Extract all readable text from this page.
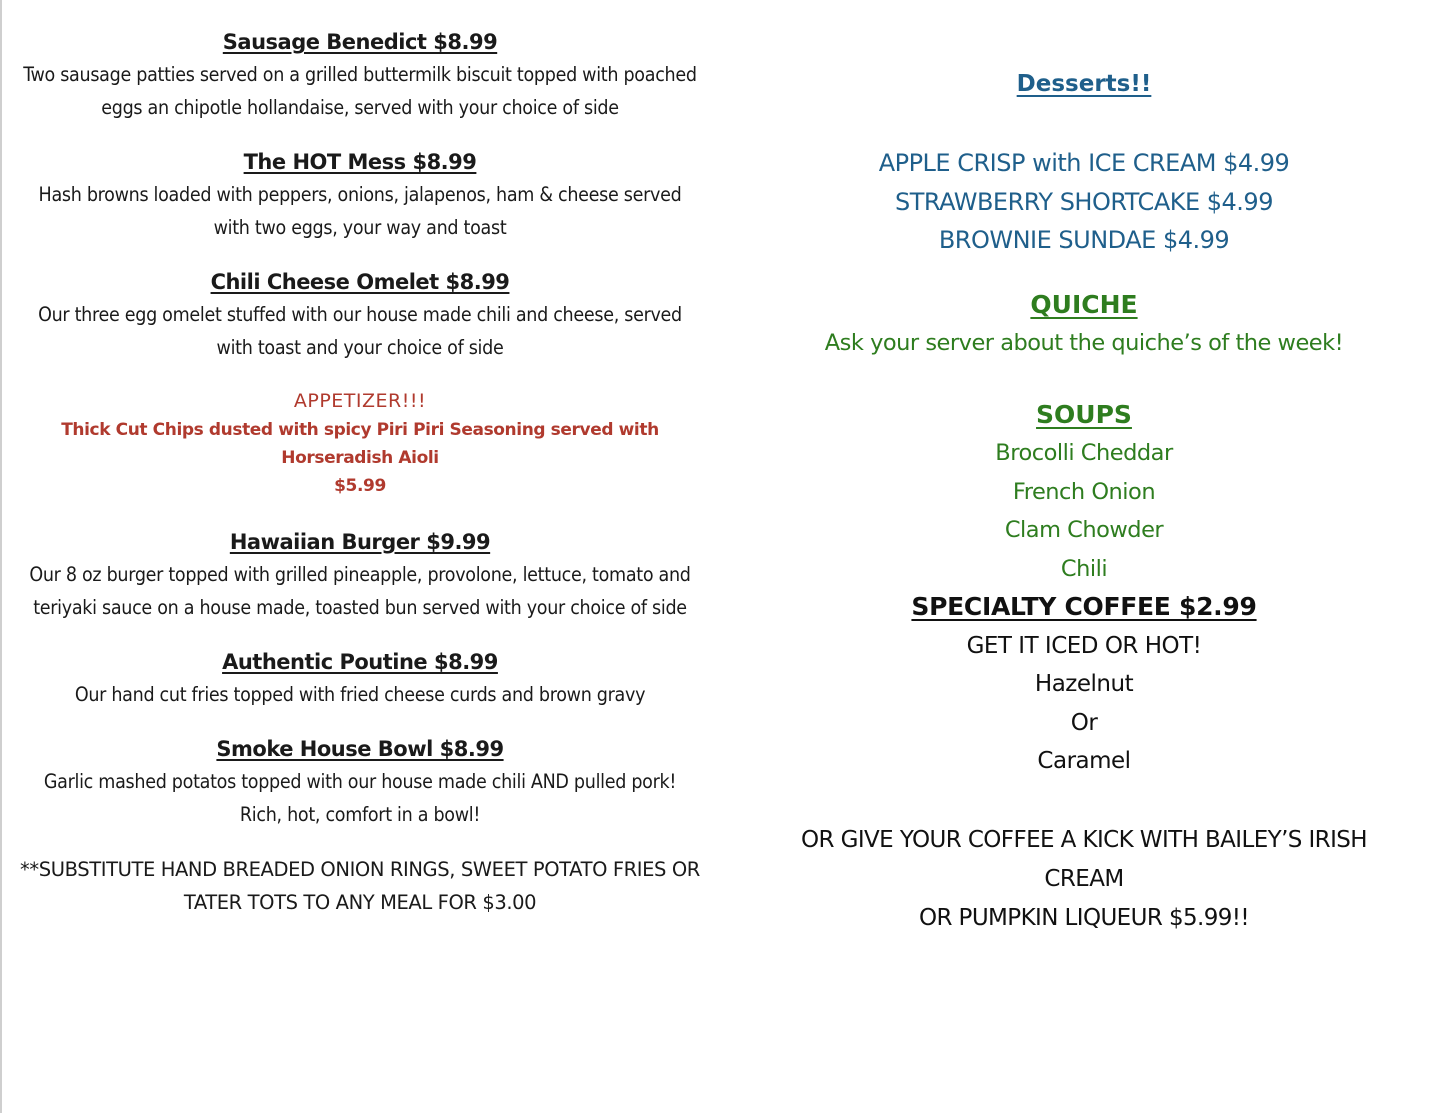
Sausage Benedict $8.99
Two sausage patties served on a grilled buttermilk biscuit topped with poached eggs an chipotle hollandaise, served with your choice of side
The HOT Mess $8.99
Hash browns loaded with peppers, onions, jalapenos, ham & cheese served with two eggs, your way and toast
Chili Cheese Omelet $8.99
Our three egg omelet stuffed with our house made chili and cheese, served with toast and your choice of side
APPETIZER!!!
Thick Cut Chips dusted with spicy Piri Piri Seasoning served with Horseradish Aioli
$5.99
Hawaiian Burger $9.99
Our 8 oz burger topped with grilled pineapple, provolone, lettuce, tomato and teriyaki sauce on a house made, toasted bun served with your choice of side
Authentic Poutine $8.99
Our hand cut fries topped with fried cheese curds and brown gravy
Smoke House Bowl $8.99
Garlic mashed potatos topped with our house made chili AND pulled pork!
Rich, hot, comfort in a bowl!
**SUBSTITUTE HAND BREADED ONION RINGS, SWEET POTATO FRIES OR TATER TOTS TO ANY MEAL FOR $3.00
Desserts!!
APPLE CRISP with ICE CREAM $4.99
STRAWBERRY SHORTCAKE $4.99
BROWNIE SUNDAE $4.99
QUICHE
Ask your server about the quiche’s of the week!
SOUPS
Brocolli Cheddar
French Onion
Clam Chowder
Chili
SPECIALTY COFFEE $2.99
GET IT ICED OR HOT!
Hazelnut
Or
Caramel
OR GIVE YOUR COFFEE A KICK WITH BAILEY’S IRISH CREAM
OR PUMPKIN LIQUEUR $5.99!!
